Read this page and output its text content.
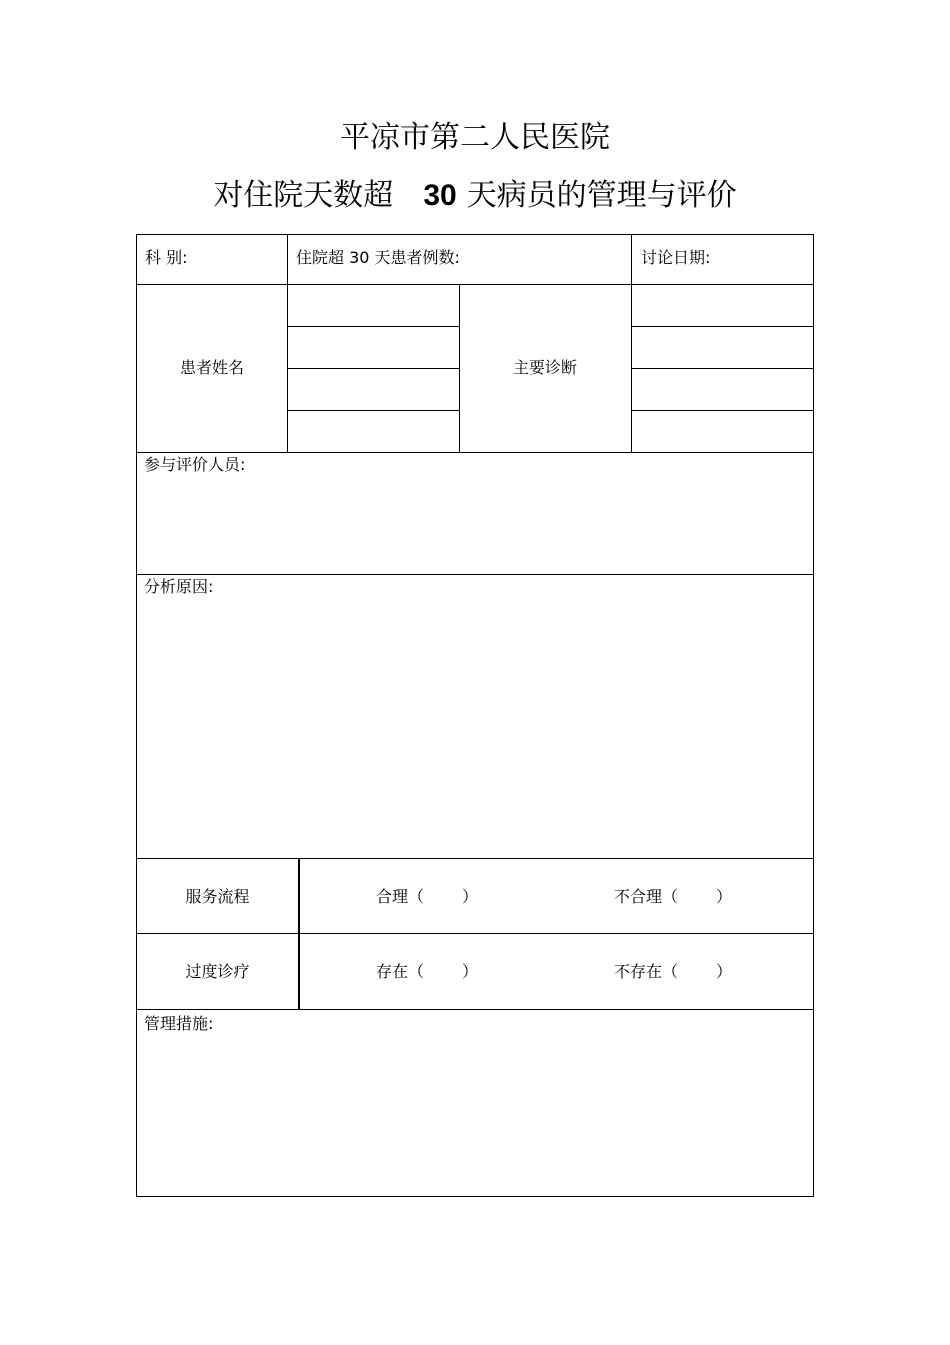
平凉市第二人民医院
对住院天数超 30 天病员的管理与评价
科 别:	住院超 30 天患者例数:	讨论日期:
患者姓名	主要诊断
参与评价人员:
分析原因:
服务流程	合理（ ）	不合理（ ）
过度诊疗	存在（ ）	不存在（ ）
管理措施:
